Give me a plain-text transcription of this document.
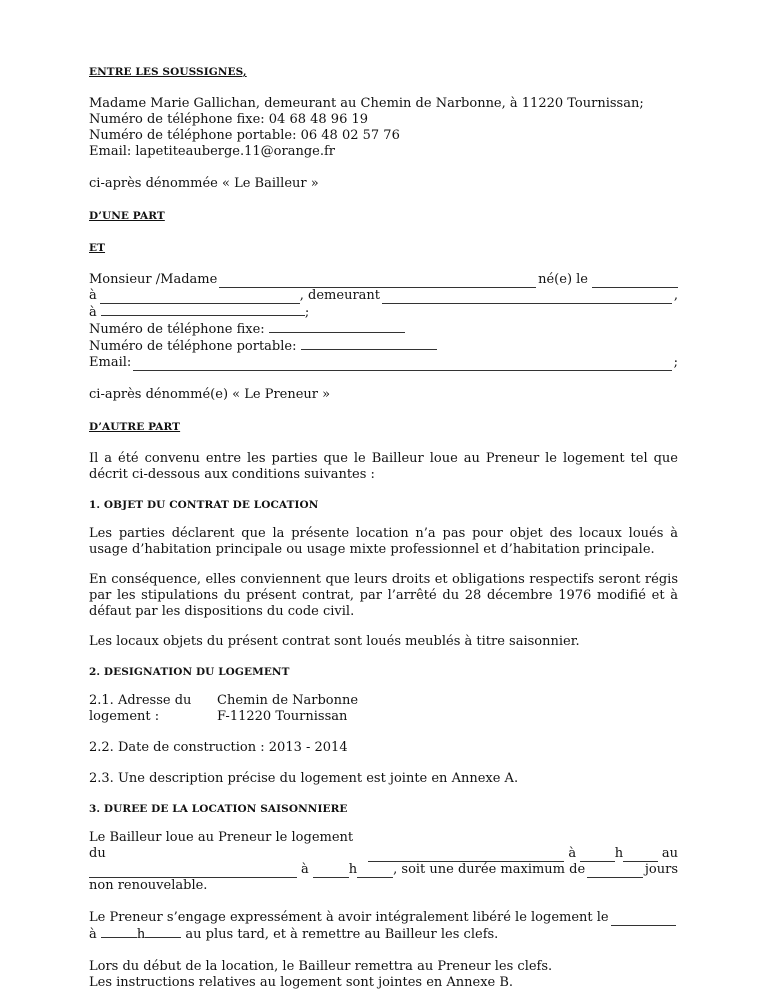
ENTRE LES SOUSSIGNES,

Madame Marie Gallichan, demeurant au Chemin de Narbonne, à 11220 Tournissan;

Numéro de téléphone fixe: 04 68 48 96 19

Numéro de téléphone portable: 06 48 02 57 76

Email: lapetiteauberge.11@orange.fr

ci-après dénommée « Le Bailleur »

D’UNE PART

ET

Monsieur /Madame	né(e) le
à	, demeurant	,

à	;

Numéro de téléphone fixe:

Numéro de téléphone portable:

Email:	;

ci-après dénommé(e) « Le Preneur »

D’AUTRE PART

Il a été convenu entre les parties que le Bailleur loue au Preneur le logement tel que décrit ci-dessous aux conditions suivantes :

1. OBJET DU CONTRAT DE LOCATION

Les parties déclarent que la présente location n’a pas pour objet des locaux loués à usage d’habitation principale ou usage mixte professionnel et d’habitation principale.

En conséquence, elles conviennent que leurs droits et obligations respectifs seront régis par les stipulations du présent contrat, par l’arrêté du 28 décembre 1976 modifié et à défaut par les dispositions du code civil.

Les locaux objets du présent contrat sont loués meublés à titre saisonnier.

2. DESIGNATION DU LOGEMENT

2.1. Adresse du logement :
Chemin de Narbonne
F-11220 Tournissan

2.2. Date de construction : 2013 - 2014

2.3. Une description précise du logement est jointe en Annexe A.

3. DUREE DE LA LOCATION SAISONNIERE

Le Bailleur loue au Preneur le logement du	à	h	au
à	h	, soit une durée maximum de	jours

non renouvelable.

Le Preneur s’engage expressément à avoir intégralement libéré le logement le

à	h	au plus tard, et à remettre au Bailleur les clefs.

Lors du début de la location, le Bailleur remettra au Preneur les clefs.

Les instructions relatives au logement sont jointes en Annexe B.
